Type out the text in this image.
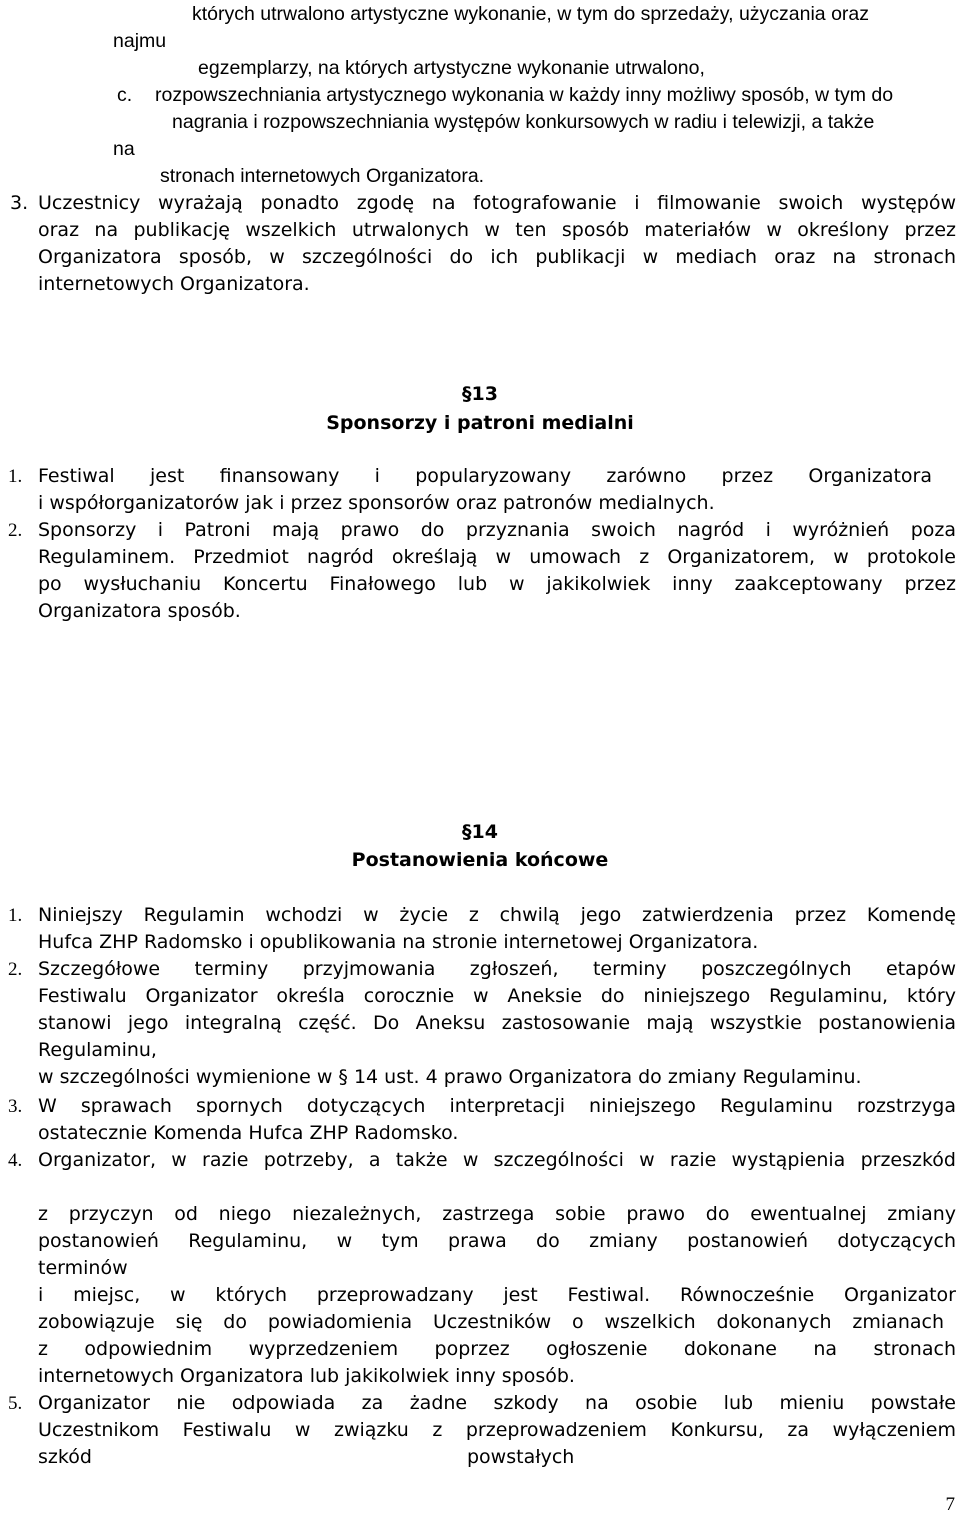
których utrwalono artystyczne wykonanie, w tym do sprzedaży, użyczania oraz
najmu
egzemplarzy, na których artystyczne wykonanie utrwalono,
c. rozpowszechniania artystycznego wykonania w każdy inny możliwy sposób, w tym do
nagrania i rozpowszechniania występów konkursowych w radiu i telewizji, a także
na
stronach internetowych Organizatora.
3. Uczestnicy wyrażają ponadto zgodę na fotografowanie i filmowanie swoich występów
oraz na publikację wszelkich utrwalonych w ten sposób materiałów w określony przez
Organizatora sposób, w szczególności do ich publikacji w mediach oraz na stronach
internetowych Organizatora.
§13
Sponsorzy i patroni medialni
1. Festiwal jest finansowany i popularyzowany zarówno przez Organizatora
i współorganizatorów jak i przez sponsorów oraz patronów medialnych.
2. Sponsorzy i Patroni mają prawo do przyznania swoich nagród i wyróżnień poza
Regulaminem. Przedmiot nagród określają w umowach z Organizatorem, w protokole
po wysłuchaniu Koncertu Finałowego lub w jakikolwiek inny zaakceptowany przez
Organizatora sposób.
§14
Postanowienia końcowe
1. Niniejszy Regulamin wchodzi w życie z chwilą jego zatwierdzenia przez Komendę
Hufca ZHP Radomsko i opublikowania na stronie internetowej Organizatora.
2. Szczegółowe terminy przyjmowania zgłoszeń, terminy poszczególnych etapów
Festiwalu Organizator określa corocznie w Aneksie do niniejszego Regulaminu, który
stanowi jego integralną część. Do Aneksu zastosowanie mają wszystkie postanowienia
Regulaminu,
w szczególności wymienione w § 14 ust. 4 prawo Organizatora do zmiany Regulaminu.
3. W sprawach spornych dotyczących interpretacji niniejszego Regulaminu rozstrzyga
ostatecznie Komenda Hufca ZHP Radomsko.
4. Organizator, w razie potrzeby, a także w szczególności w razie wystąpienia przeszkód
z przyczyn od niego niezależnych, zastrzega sobie prawo do ewentualnej zmiany
postanowień Regulaminu, w tym prawa do zmiany postanowień dotyczących
terminów
i miejsc, w których przeprowadzany jest Festiwal. Równocześnie Organizator
zobowiązuje się do powiadomienia Uczestników o wszelkich dokonanych zmianach
z odpowiednim wyprzedzeniem poprzez ogłoszenie dokonane na stronach
internetowych Organizatora lub jakikolwiek inny sposób.
5. Organizator nie odpowiada za żadne szkody na osobie lub mieniu powstałe
Uczestnikom Festiwalu w związku z przeprowadzeniem Konkursu, za wyłączeniem
szkód	powstałych
7
